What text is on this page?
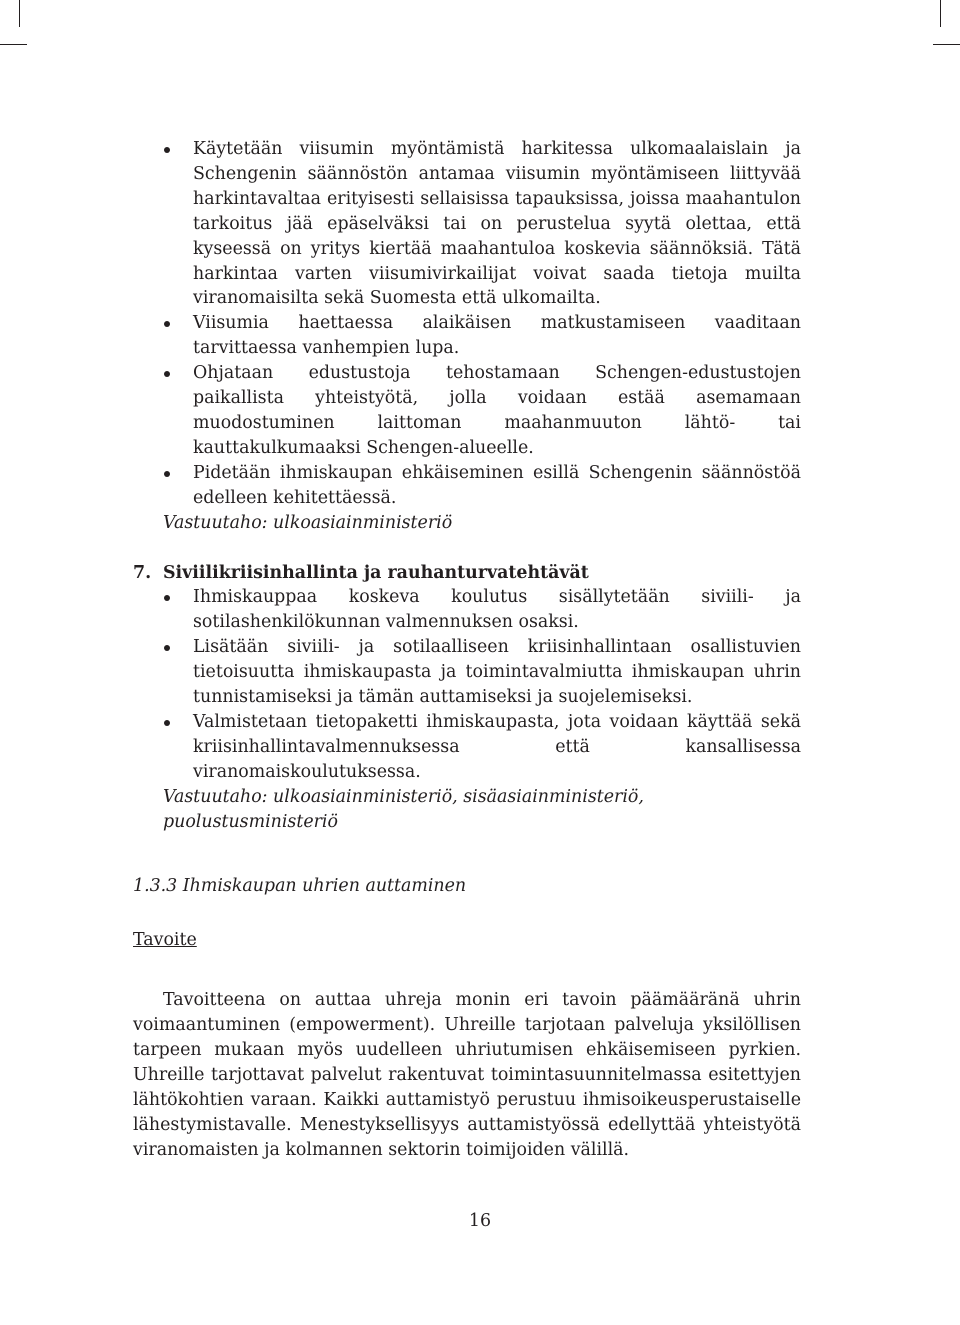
Käytetään viisumin myöntämistä harkitessa ulkomaalaislain ja Schengenin säännöstön antamaa viisumin myöntämiseen liittyvää harkintavaltaa erityisesti sellaisissa tapauksissa, joissa maahantulon tarkoitus jää epäselväksi tai on perustelua syytä olettaa, että kyseessä on yritys kiertää maahantuloa koskevia säännöksiä. Tätä harkintaa varten viisumivirkailijat voivat saada tietoja muilta viranomaisilta sekä Suomesta että ulkomailta.
Viisumia haettaessa alaikäisen matkustamiseen vaaditaan tarvittaessa vanhempien lupa.
Ohjataan edustustoja tehostamaan Schengen-edustustojen paikallista yhteistyötä, jolla voidaan estää asemamaan muodostuminen laittoman maahanmuuton lähtö- tai kauttakulkumaaksi Schengen-alueelle.
Pidetään ihmiskaupan ehkäiseminen esillä Schengenin säännöstöä edelleen kehitettäessä.

Vastuutaho: ulkoasiainministeriö

7. Siviilikriisinhallinta ja rauhanturvatehtävät
Ihmiskauppaa koskeva koulutus sisällytetään siviili- ja sotilashenkilökunnan valmennuksen osaksi.
Lisätään siviili- ja sotilaalliseen kriisinhallintaan osallistuvien tietoisuutta ihmiskaupasta ja toimintavalmiutta ihmiskaupan uhrin tunnistamiseksi ja tämän auttamiseksi ja suojelemiseksi.
Valmistetaan tietopaketti ihmiskaupasta, jota voidaan käyttää sekä kriisinhallintavalmennuksessa että kansallisessa viranomaiskoulutuksessa.

Vastuutaho: ulkoasiainministeriö, sisäasiainministeriö, puolustusministeriö

1.3.3 Ihmiskaupan uhrien auttaminen
Tavoite

Tavoitteena on auttaa uhreja monin eri tavoin päämääränä uhrin voimaantuminen (empowerment). Uhreille tarjotaan palveluja yksilöllisen tarpeen mukaan myös uudelleen uhriutumisen ehkäisemiseen pyrkien. Uhreille tarjottavat palvelut rakentuvat toimintasuunnitelmassa esitettyjen lähtökohtien varaan. Kaikki auttamistyö perustuu ihmisoikeusperustaiselle lähestymistavalle. Menestyksellisyys auttamistyössä edellyttää yhteistyötä viranomaisten ja kolmannen sektorin toimijoiden välillä.

16
